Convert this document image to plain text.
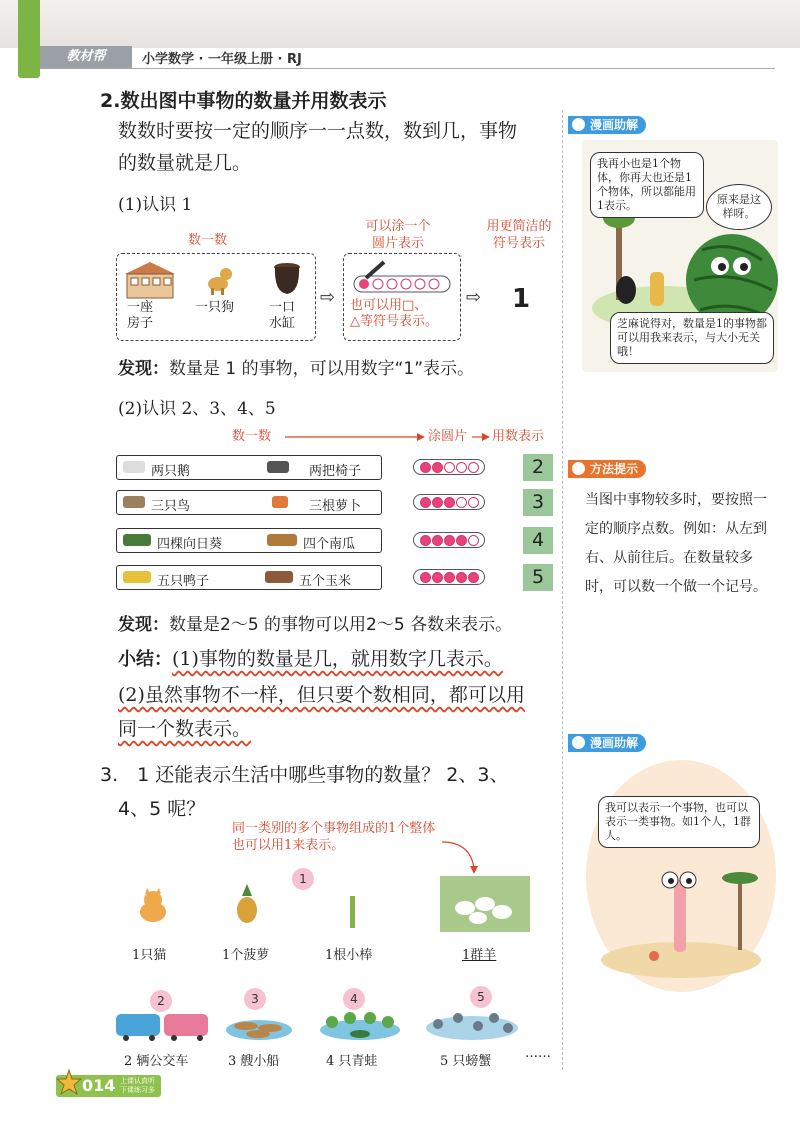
教材帮	小学数学 · 一年级上册 · RJ
2.数出图中事物的数量并用数表示
数数时要按一定的顺序一一点数，数到几，事物
的数量就是几。
(1)认识 1
数一数
可以涂一个
圆片表示
用更简洁的
符号表示
一座
房子
一只狗	一口
水缸
⇨ 也可以用□、
△等符号表示。
⇨ 1
发现：数量是 1 的事物，可以用数字“1”表示。
(2)认识 2、3、4、5
数一数	涂圆片 用数表示
两只鹅	两把椅子	2
三只鸟	三根萝卜	3
四棵向日葵	四个南瓜	4
五只鸭子	五个玉米	5
发现：数量是2～5 的事物可以用2～5 各数来表示。
小结：(1)事物的数量是几，就用数字几表示。
(2)虽然事物不一样，但只要个数相同，都可以用
同一个数表示。
3.　1 还能表示生活中哪些事物的数量？ 2、3、
4、5 呢？
同一类别的多个事物组成的1个整体
也可以用1来表示。
1
1只猫	1个菠萝	1根小棒	1群羊
2	3	4	5
2 辆公交车	3 艘小船	4 只青蛙	5 只螃蟹
……
漫画助解
我再小也是1个物体，你再大也还是1个物体，所以都能用1表示。	原来是这样呀。
芝麻说得对，数量是1的事物都可以用我来表示，与大小无关哦！
方法提示
当图中事物较多时，要按照一定的顺序点数。例如：从左到右、从前往后。在数量较多时，可以数一个做一个记号。
漫画助解
我可以表示一个事物，也可以表示一类事物。如1个人，1群人。
014 上课认真听
下课练习多
